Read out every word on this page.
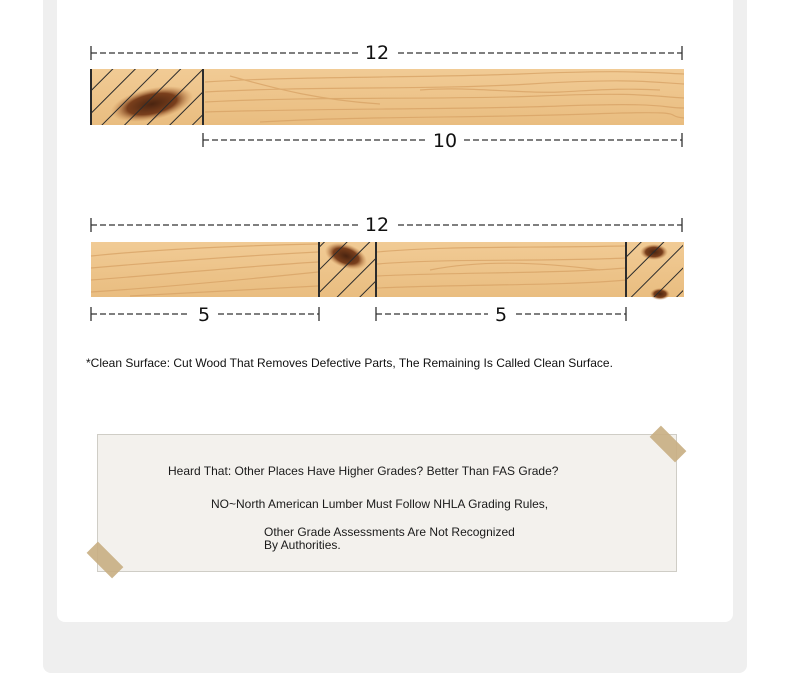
12
10
12
5	5
*Clean Surface: Cut Wood That Removes Defective Parts, The Remaining Is Called Clean Surface.
Heard That: Other Places Have Higher Grades? Better Than FAS Grade?
NO~North American Lumber Must Follow NHLA Grading Rules,
Other Grade Assessments Are Not Recognized
By Authorities.
